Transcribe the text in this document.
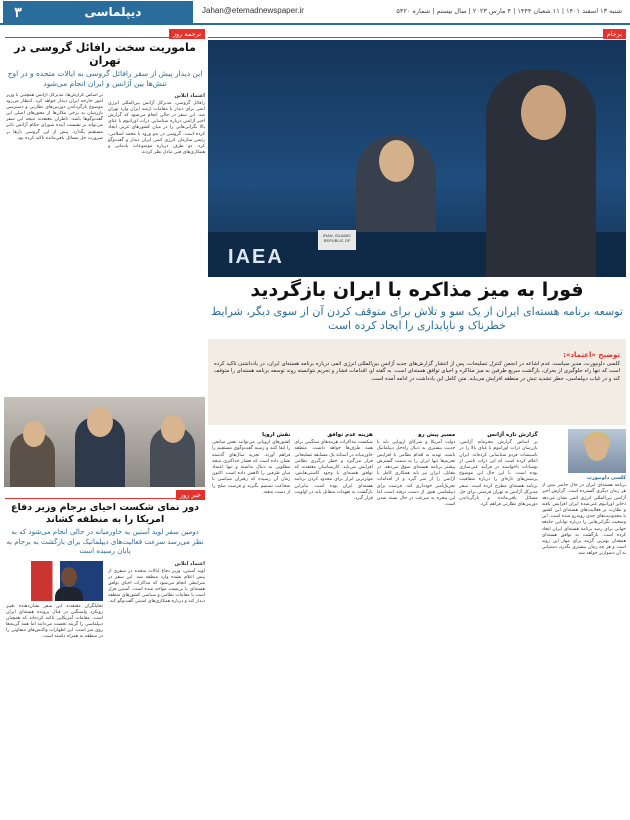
۳	دیپلماسی	Jahan@etemadnewspaper.ir	شنبه ۱۳ اسفند ۱۴۰۱ | ۱۱ شعبان ۱۴۴۴ | ۴ مارس ۲۰۲۳ | سال بیستم | شماره ۵۴۲۰
برجام
IRAN, ISLAMIC REPUBLIC OF
IAEA
فورا به میز مذاکره با ایران بازگردید
توسعه برنامه هسته‌ای ایران از یک سو و تلاش برای متوقف کردن آن از سوی دیگر، شرایط خطرناک و ناپایداری را ایجاد کرده است
توضیح «اعتماد»:

کلسی داونپورت، مدیر سیاست عدم اشاعه در انجمن کنترل تسلیحات، پس از انتشار گزارش‌های جدید آژانس بین‌المللی انرژی اتمی درباره برنامه هسته‌ای ایران، در یادداشتی تاکید کرده است که تنها راه جلوگیری از بحران، بازگشت سریع طرفین به میز مذاکره و احیای توافق هسته‌ای است. به گفته او، اقدامات فشار و تحریم نتوانسته روند توسعه برنامه هسته‌ای را متوقف کند و در غیاب دیپلماسی، خطر تشدید تنش در منطقه افزایش می‌یابد. متن کامل این یادداشت در ادامه آمده است.

کلسی داونپورت
برنامه هسته‌ای ایران در حال حاضر بیش از هر زمان دیگری گسترده است. گزارش اخیر آژانس بین‌المللی انرژی اتمی نشان می‌دهد ذخایر اورانیوم غنی‌شده ایران افزایش یافته و نظارت بر فعالیت‌های هسته‌ای این کشور با محدودیت‌های جدی روبه‌رو شده است. این وضعیت نگرانی‌هایی را درباره توانایی جامعه جهانی برای رصد برنامه هسته‌ای ایران ایجاد کرده است. بازگشت به توافق هسته‌ای همچنان بهترین گزینه برای مهار این روند است و هر چه زمان بیشتری بگذرد، دستیابی به آن دشوارتر خواهد شد.
گزارش تازه آژانس
بر اساس گزارش محرمانه آژانس، بازرسان ذرات اورانیوم با غنای بالا را در تاسیسات فردو شناسایی کرده‌اند. ایران اعلام کرده است که این ذرات ناشی از نوسانات ناخواسته در فرآیند غنی‌سازی بوده است. با این حال این موضوع پرسش‌های تازه‌ای را درباره شفافیت برنامه هسته‌ای مطرح کرده است. سفر مدیرکل آژانس به تهران فرصتی برای حل مسائل باقی‌مانده و بازگرداندن دوربین‌های نظارتی فراهم کرد.
مسیر پیش رو
دولت آمریکا و شرکای اروپایی باید با جدیت بیشتری به دنبال راه‌حل دیپلماتیک باشند. تهدید به اقدام نظامی یا افزایش تحریم‌ها تنها ایران را به سمت گسترش بیشتر برنامه هسته‌ای سوق می‌دهد. در مقابل، ایران نیز باید همکاری کامل با آژانس را از سر گیرد و از اقدامات تحریک‌آمیز خودداری کند. فرصت برای دیپلماسی هنوز از دست نرفته است اما این پنجره به سرعت در حال بسته شدن است.
هزینه عدم توافق
شکست مذاکرات هزینه‌های سنگینی برای همه طرف‌ها خواهد داشت. منطقه خاورمیانه در آستانه یک مسابقه تسلیحاتی قرار می‌گیرد و خطر درگیری نظامی افزایش می‌یابد. کارشناسان معتقدند که توافق هسته‌ای با وجود کاستی‌هایش، موثرترین ابزار برای محدود کردن برنامه هسته‌ای ایران بوده است. بنابراین بازگشت به تعهدات متقابل باید در اولویت قرار گیرد.
نقش اروپا
کشورهای اروپایی می‌توانند نقش میانجی را ایفا کنند و زمینه گفت‌وگوی مستقیم را فراهم آورند. تجربه سال‌های گذشته نشان داده است که فشار حداکثری نتیجه مطلوبی به دنبال نداشته و تنها اعتماد میان طرفین را کاهش داده است. اکنون زمان آن رسیده که رهبران سیاسی با شجاعت تصمیم بگیرند و فرصت صلح را از دست ندهند.
ترجمه روز
ماموریت سخت رافائل گروسی در تهران
این دیدار پیش از سفر رافائل گروسی به ایالات متحده و در اوج تنش‌ها بین آژانس و ایران انجام می‌شود
اعتماد آنلاین
رافائل گروسی، مدیرکل آژانس بین‌المللی انرژی اتمی برای دیدار با مقامات ارشد ایران وارد تهران شد. این سفر در حالی انجام می‌شود که گزارش اخیر آژانس درباره شناسایی ذرات اورانیوم با غنای بالا نگرانی‌هایی را در میان کشورهای غربی ایجاد کرده است. گروسی در بدو ورود با محمد اسلامی، رئیس سازمان انرژی اتمی ایران دیدار و گفت‌وگو کرد. دو طرف درباره موضوعات پادمانی و همکاری‌های فنی تبادل نظر کردند.
بر اساس گزارش‌ها، مدیرکل آژانس همچنین با وزیر امور خارجه ایران دیدار خواهد کرد. انتظار می‌رود موضوع بازگرداندن دوربین‌های نظارتی و دسترسی بازرسان به برخی مکان‌ها از محورهای اصلی این گفت‌وگوها باشد. ناظران معتقدند نتیجه این سفر می‌تواند بر نشست آینده شورای حکام آژانس تاثیر مستقیم بگذارد. پیش از این گروسی بارها بر ضرورت حل مسائل باقی‌مانده تاکید کرده بود.
خبر روز
دور نمای شکست احیای برجام وزیر دفاع امریکا را به منطقه کشاند
دومین سفر لوید آستین به خاورمیانه در حالی انجام می‌شود که به نظر می‌رسد سرعت فعالیت‌های دیپلماتیک برای بازگشت به برجام به پایان رسیده است
اعتماد آنلاین
لوید آستین، وزیر دفاع ایالات متحده در سفری از پیش اعلام نشده وارد منطقه شد. این سفر در شرایطی انجام می‌شود که مذاکرات احیای توافق هسته‌ای با بن‌بست مواجه شده است. آستین قرار است با مقامات نظامی و سیاسی کشورهای منطقه دیدار کند و درباره همکاری‌های امنیتی گفت‌وگو کند.
تحلیلگران معتقدند این سفر نشان‌دهنده تغییر رویکرد واشنگتن در قبال پرونده هسته‌ای ایران است. مقامات آمریکایی تاکید کرده‌اند که همچنان دیپلماسی را گزینه نخست می‌دانند اما همه گزینه‌ها روی میز است. این اظهارات واکنش‌های متفاوتی را در منطقه به همراه داشته است.
